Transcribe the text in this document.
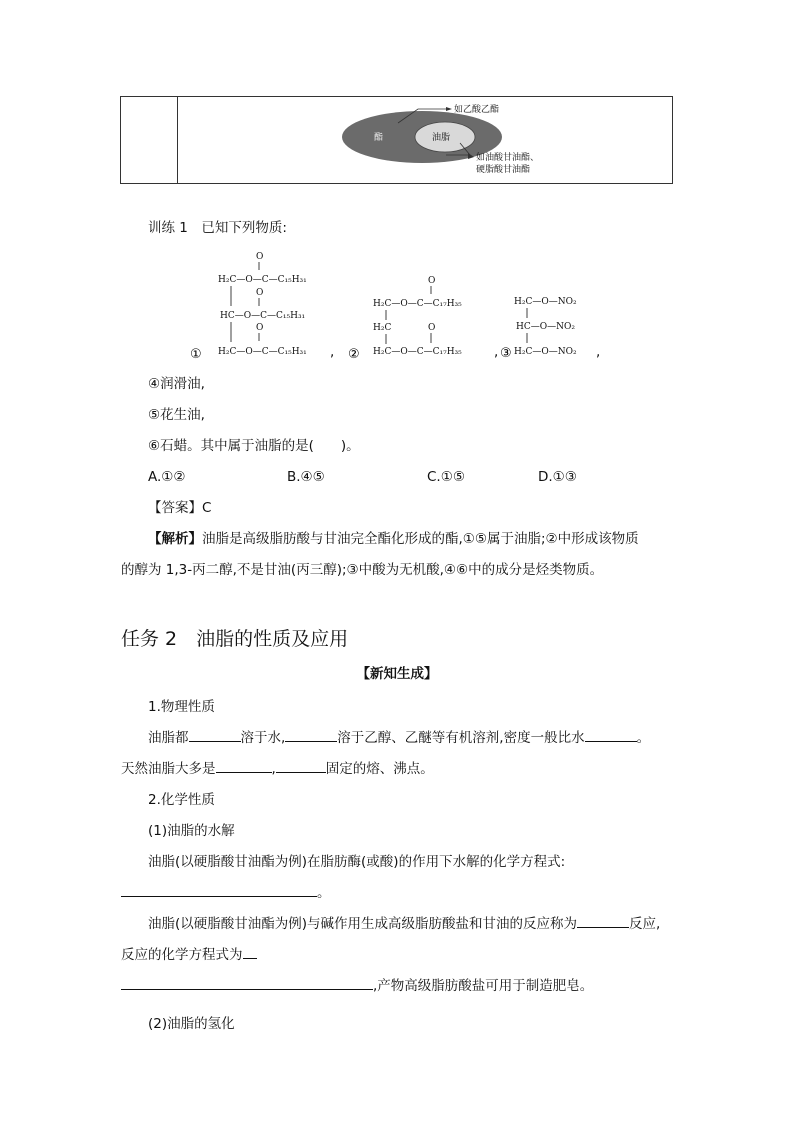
酯	油脂
如乙酸乙酯
如油酸甘油酯、
硬脂酸甘油酯
训练 1　已知下列物质:
O
H₂C—O—C—C₁₅H₃₁
O
HC—O—C—C₁₅H₃₁
O
① H₂C—O—C—C₁₅H₃₁ ,
O
H₂C—O—C—C₁₇H₃₅
H₂C	O
② H₂C—O—C—C₁₇H₃₅ ,
H₂C—O—NO₂
HC—O—NO₂
③ H₂C—O—NO₂ ,
④润滑油,
⑤花生油,
⑥石蜡。其中属于油脂的是(　　)。
A.①②	B.④⑤	C.①⑤	D.①③
【答案】C
【解析】油脂是高级脂肪酸与甘油完全酯化形成的酯,①⑤属于油脂;②中形成该物质
的醇为 1,3-丙二醇,不是甘油(丙三醇);③中酸为无机酸,④⑥中的成分是烃类物质。
任务 2　油脂的性质及应用
【新知生成】
1.物理性质
油脂都	溶于水,	溶于乙醇、乙醚等有机溶剂,密度一般比水	。
天然油脂大多是	,	固定的熔、沸点。
2.化学性质
(1)油脂的水解
油脂(以硬脂酸甘油酯为例)在脂肪酶(或酸)的作用下水解的化学方程式:
。
油脂(以硬脂酸甘油酯为例)与碱作用生成高级脂肪酸盐和甘油的反应称为	反应,
反应的化学方程式为
,产物高级脂肪酸盐可用于制造肥皂。
(2)油脂的氢化
